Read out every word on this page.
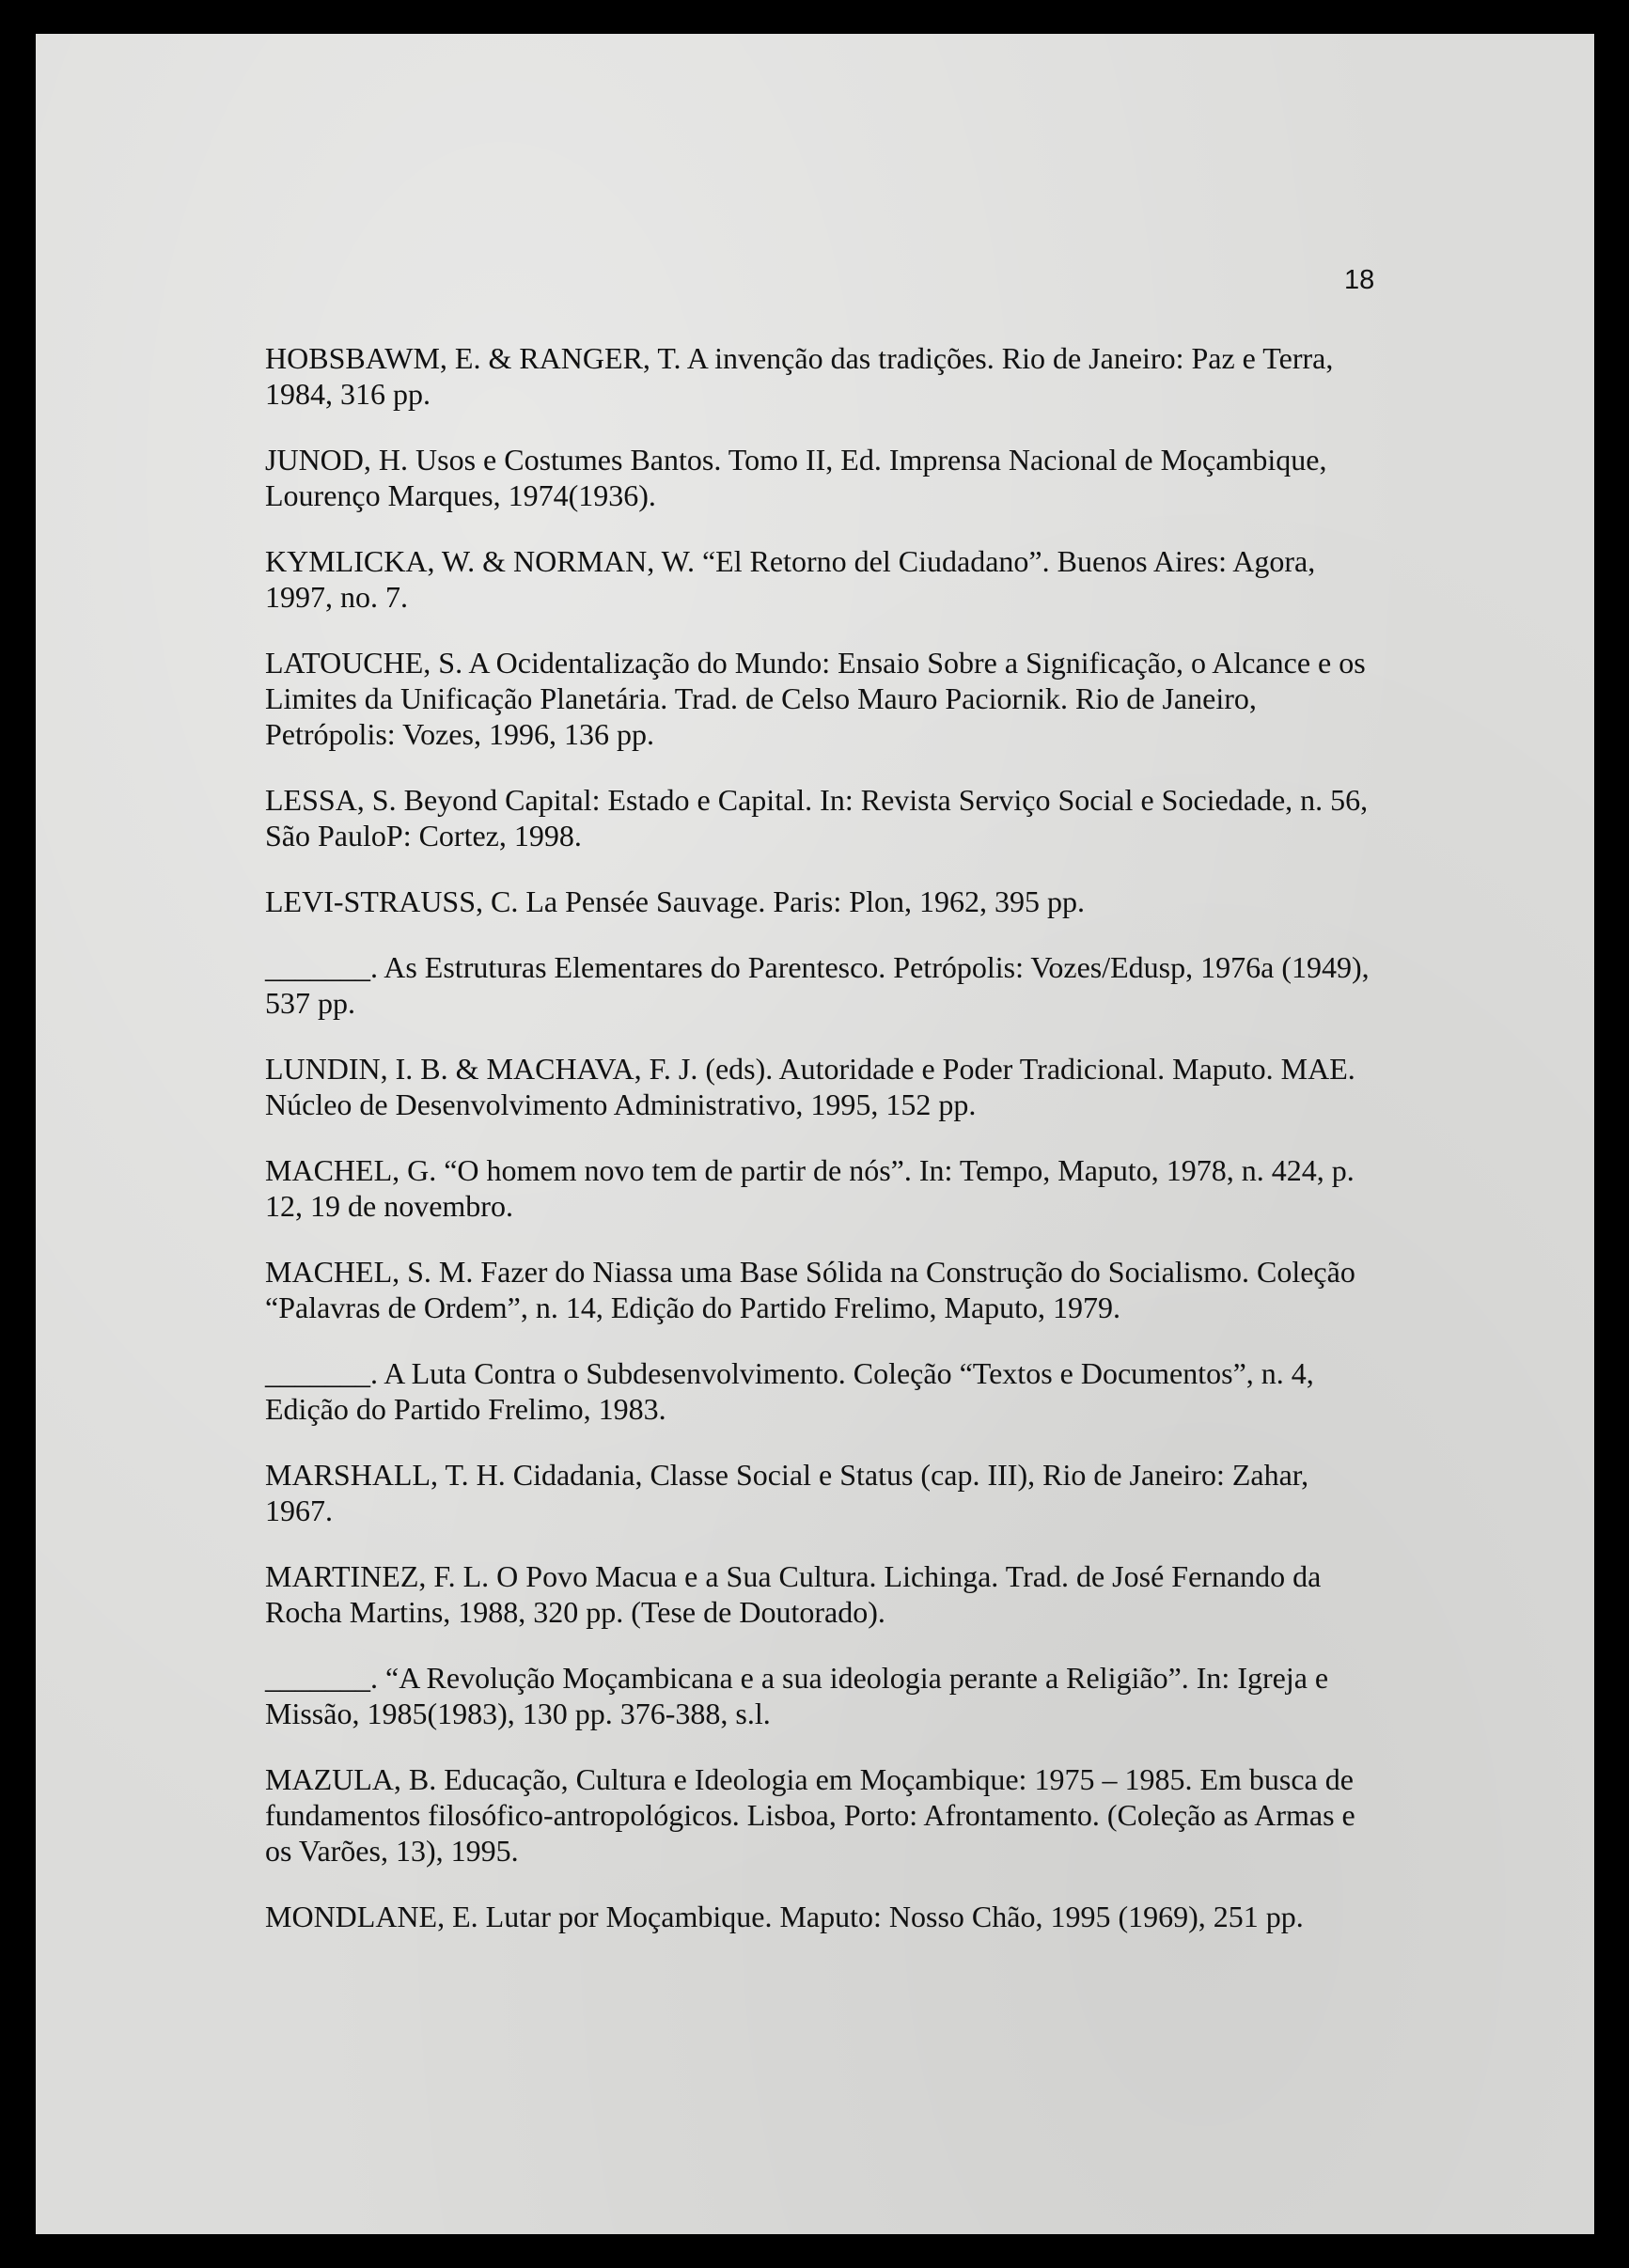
18

HOBSBAWM, E. & RANGER, T. A invenção das tradições. Rio de Janeiro: Paz e Terra, 1984, 316 pp.
JUNOD, H. Usos e Costumes Bantos. Tomo II, Ed. Imprensa Nacional de Moçambique, Lourenço Marques, 1974(1936).
KYMLICKA, W. & NORMAN, W. “El Retorno del Ciudadano”. Buenos Aires: Agora, 1997, no. 7.
LATOUCHE, S. A Ocidentalização do Mundo: Ensaio Sobre a Significação, o Alcance e os Limites da Unificação Planetária. Trad. de Celso Mauro Paciornik. Rio de Janeiro, Petrópolis: Vozes, 1996, 136 pp.
LESSA, S. Beyond Capital: Estado e Capital. In: Revista Serviço Social e Sociedade, n. 56, São PauloP: Cortez, 1998.
LEVI-STRAUSS, C. La Pensée Sauvage. Paris: Plon, 1962, 395 pp.
_______. As Estruturas Elementares do Parentesco. Petrópolis: Vozes/Edusp, 1976a (1949), 537 pp.
LUNDIN, I. B. & MACHAVA, F. J. (eds). Autoridade e Poder Tradicional. Maputo. MAE. Núcleo de Desenvolvimento Administrativo, 1995, 152 pp.
MACHEL, G. “O homem novo tem de partir de nós”. In: Tempo, Maputo, 1978, n. 424, p. 12, 19 de novembro.
MACHEL, S. M. Fazer do Niassa uma Base Sólida na Construção do Socialismo. Coleção “Palavras de Ordem”, n. 14, Edição do Partido Frelimo, Maputo, 1979.
_______. A Luta Contra o Subdesenvolvimento. Coleção “Textos e Documentos”, n. 4, Edição do Partido Frelimo, 1983.
MARSHALL, T. H. Cidadania, Classe Social e Status (cap. III), Rio de Janeiro: Zahar, 1967.
MARTINEZ, F. L. O Povo Macua e a Sua Cultura. Lichinga. Trad. de José Fernando da Rocha Martins, 1988, 320 pp. (Tese de Doutorado).
_______. “A Revolução Moçambicana e a sua ideologia perante a Religião”. In: Igreja e Missão, 1985(1983), 130 pp. 376-388, s.l.
MAZULA, B. Educação, Cultura e Ideologia em Moçambique: 1975 – 1985. Em busca de fundamentos filosófico-antropológicos. Lisboa, Porto: Afrontamento. (Coleção as Armas e os Varões, 13), 1995.
MONDLANE, E. Lutar por Moçambique. Maputo: Nosso Chão, 1995 (1969), 251 pp.
